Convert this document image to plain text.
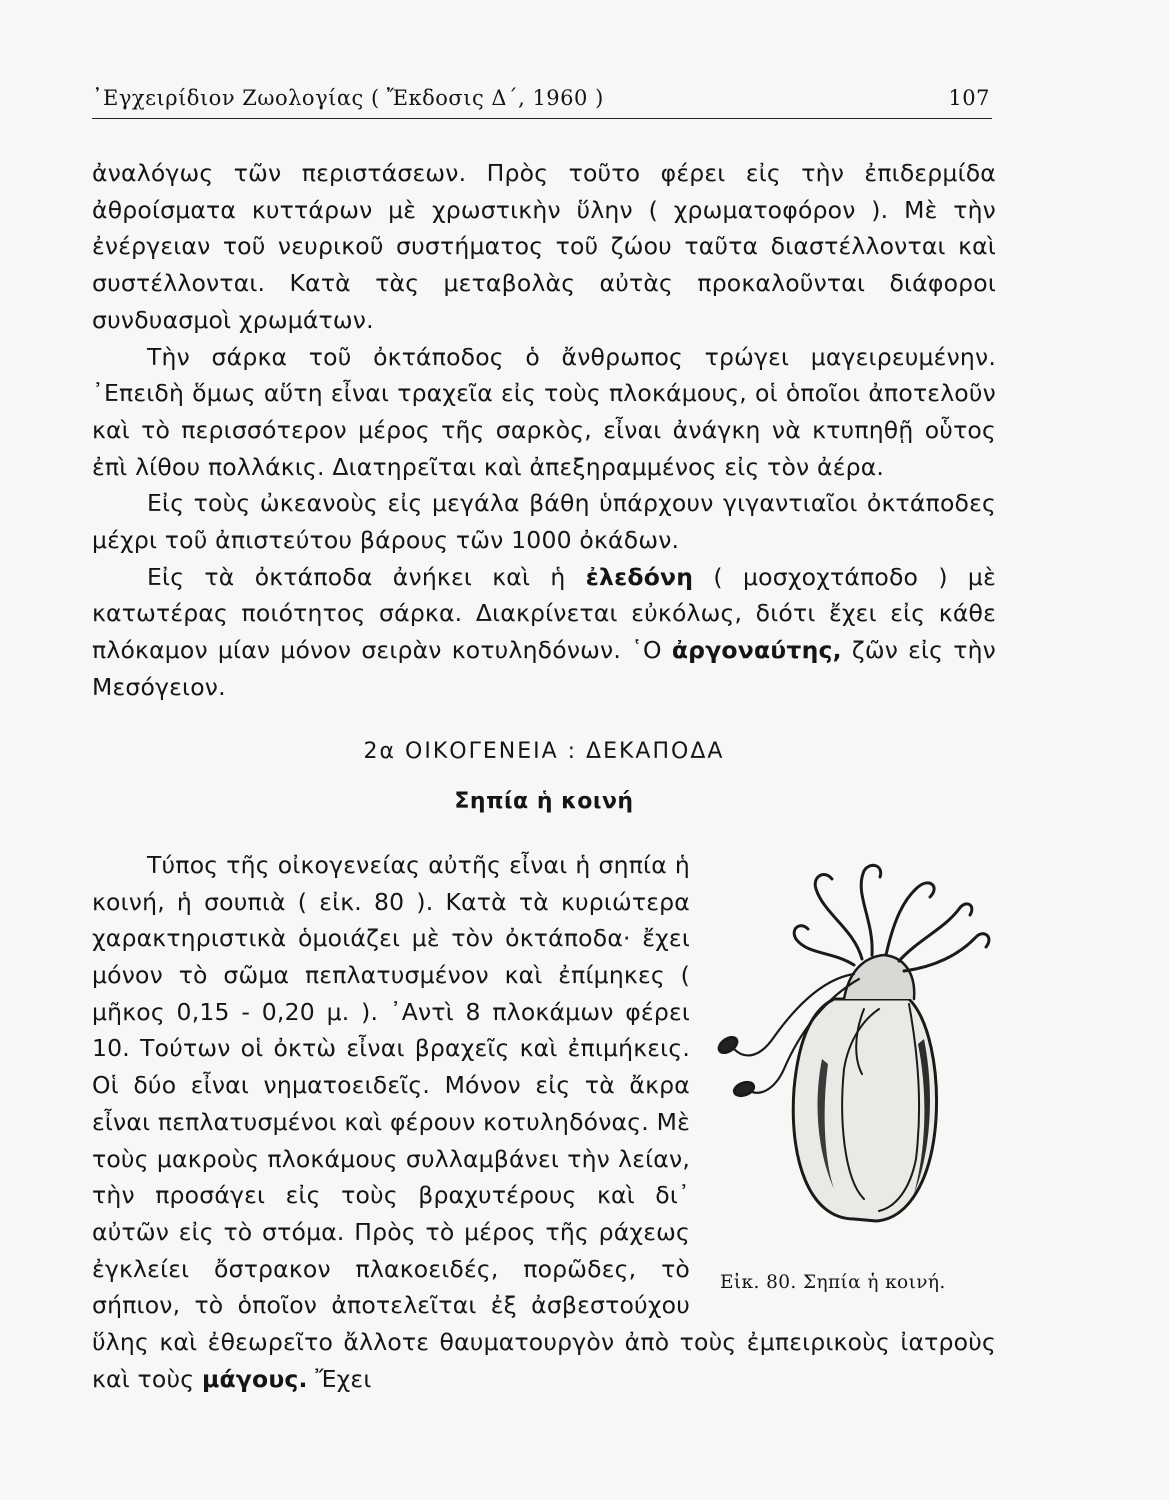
᾿Εγχειρίδιον Ζωολογίας ( Ἔκδοσις Δ΄, 1960 )	107

ἀναλόγως τῶν περιστάσεων. Πρὸς τοῦτο φέρει εἰς τὴν ἐπιδερμίδα ἀθροίσματα κυττάρων μὲ χρωστικὴν ὕλην ( χρωματοφόρον ). Μὲ τὴν ἐνέργειαν τοῦ νευρικοῦ συστήματος τοῦ ζώου ταῦτα διαστέλλονται καὶ συστέλλονται. Κατὰ τὰς μεταβολὰς αὐτὰς προκαλοῦνται διάφοροι συνδυασμοὶ χρωμάτων.

Τὴν σάρκα τοῦ ὀκτάποδος ὁ ἄνθρωπος τρώγει μαγειρευμένην. ᾿Επειδὴ ὅμως αὕτη εἶναι τραχεῖα εἰς τοὺς πλοκάμους, οἱ ὁποῖοι ἀποτελοῦν καὶ τὸ περισσότερον μέρος τῆς σαρκὸς, εἶναι ἀνάγκη νὰ κτυπηθῇ οὗτος ἐπὶ λίθου πολλάκις. Διατηρεῖται καὶ ἀπεξηραμμένος εἰς τὸν ἀέρα.

Εἰς τοὺς ὠκεανοὺς εἰς μεγάλα βάθη ὑπάρχουν γιγαντιαῖοι ὀκτάποδες μέχρι τοῦ ἀπιστεύτου βάρους τῶν 1000 ὀκάδων.

Εἰς τὰ ὀκτάποδα ἀνήκει καὶ ἡ ἐλεδόνη ( μοσχοχτάποδο ) μὲ κατωτέρας ποιότητος σάρκα. Διακρίνεται εὐκόλως, διότι ἔχει εἰς κάθε πλόκαμον μίαν μόνον σειρὰν κοτυληδόνων. ῾Ο ἀργοναύτης, ζῶν εἰς τὴν Μεσόγειον.

2α ΟΙΚΟΓΕΝΕΙΑ : ΔΕΚΑΠΟΔΑ
Σηπία ἡ κοινή
Εἰκ. 80. Σηπία ἡ κοινή.

Τύπος τῆς οἰκογενείας αὐτῆς εἶναι ἡ σηπία ἡ κοινή, ἡ σουπιὰ ( εἰκ. 80 ). Κατὰ τὰ κυριώτερα χαρακτηριστικὰ ὁμοιάζει μὲ τὸν ὀκτάποδα· ἔχει μόνον τὸ σῶμα πεπλατυσμένον καὶ ἐπίμηκες ( μῆκος 0,15 - 0,20 μ. ). ᾿Αντὶ 8 πλοκάμων φέρει 10. Τούτων οἱ ὀκτὼ εἶναι βραχεῖς καὶ ἐπιμήκεις. Οἱ δύο εἶναι νηματοειδεῖς. Μόνον εἰς τὰ ἄκρα εἶναι πεπλατυσμένοι καὶ φέρουν κοτυληδόνας. Μὲ τοὺς μακροὺς πλοκάμους συλλαμβάνει τὴν λείαν, τὴν προσάγει εἰς τοὺς βραχυτέρους καὶ δι᾿ αὐτῶν εἰς τὸ στόμα. Πρὸς τὸ μέρος τῆς ράχεως ἐγκλείει ὄστρακον πλακοειδές, πορῶδες, τὸ σήπιον, τὸ ὁποῖον ἀποτελεῖται ἐξ ἀσβεστούχου ὕλης καὶ ἐθεωρεῖτο ἄλλοτε θαυματουργὸν ἀπὸ τοὺς ἐμπειρικοὺς ἰατροὺς καὶ τοὺς μάγους. Ἔχει
